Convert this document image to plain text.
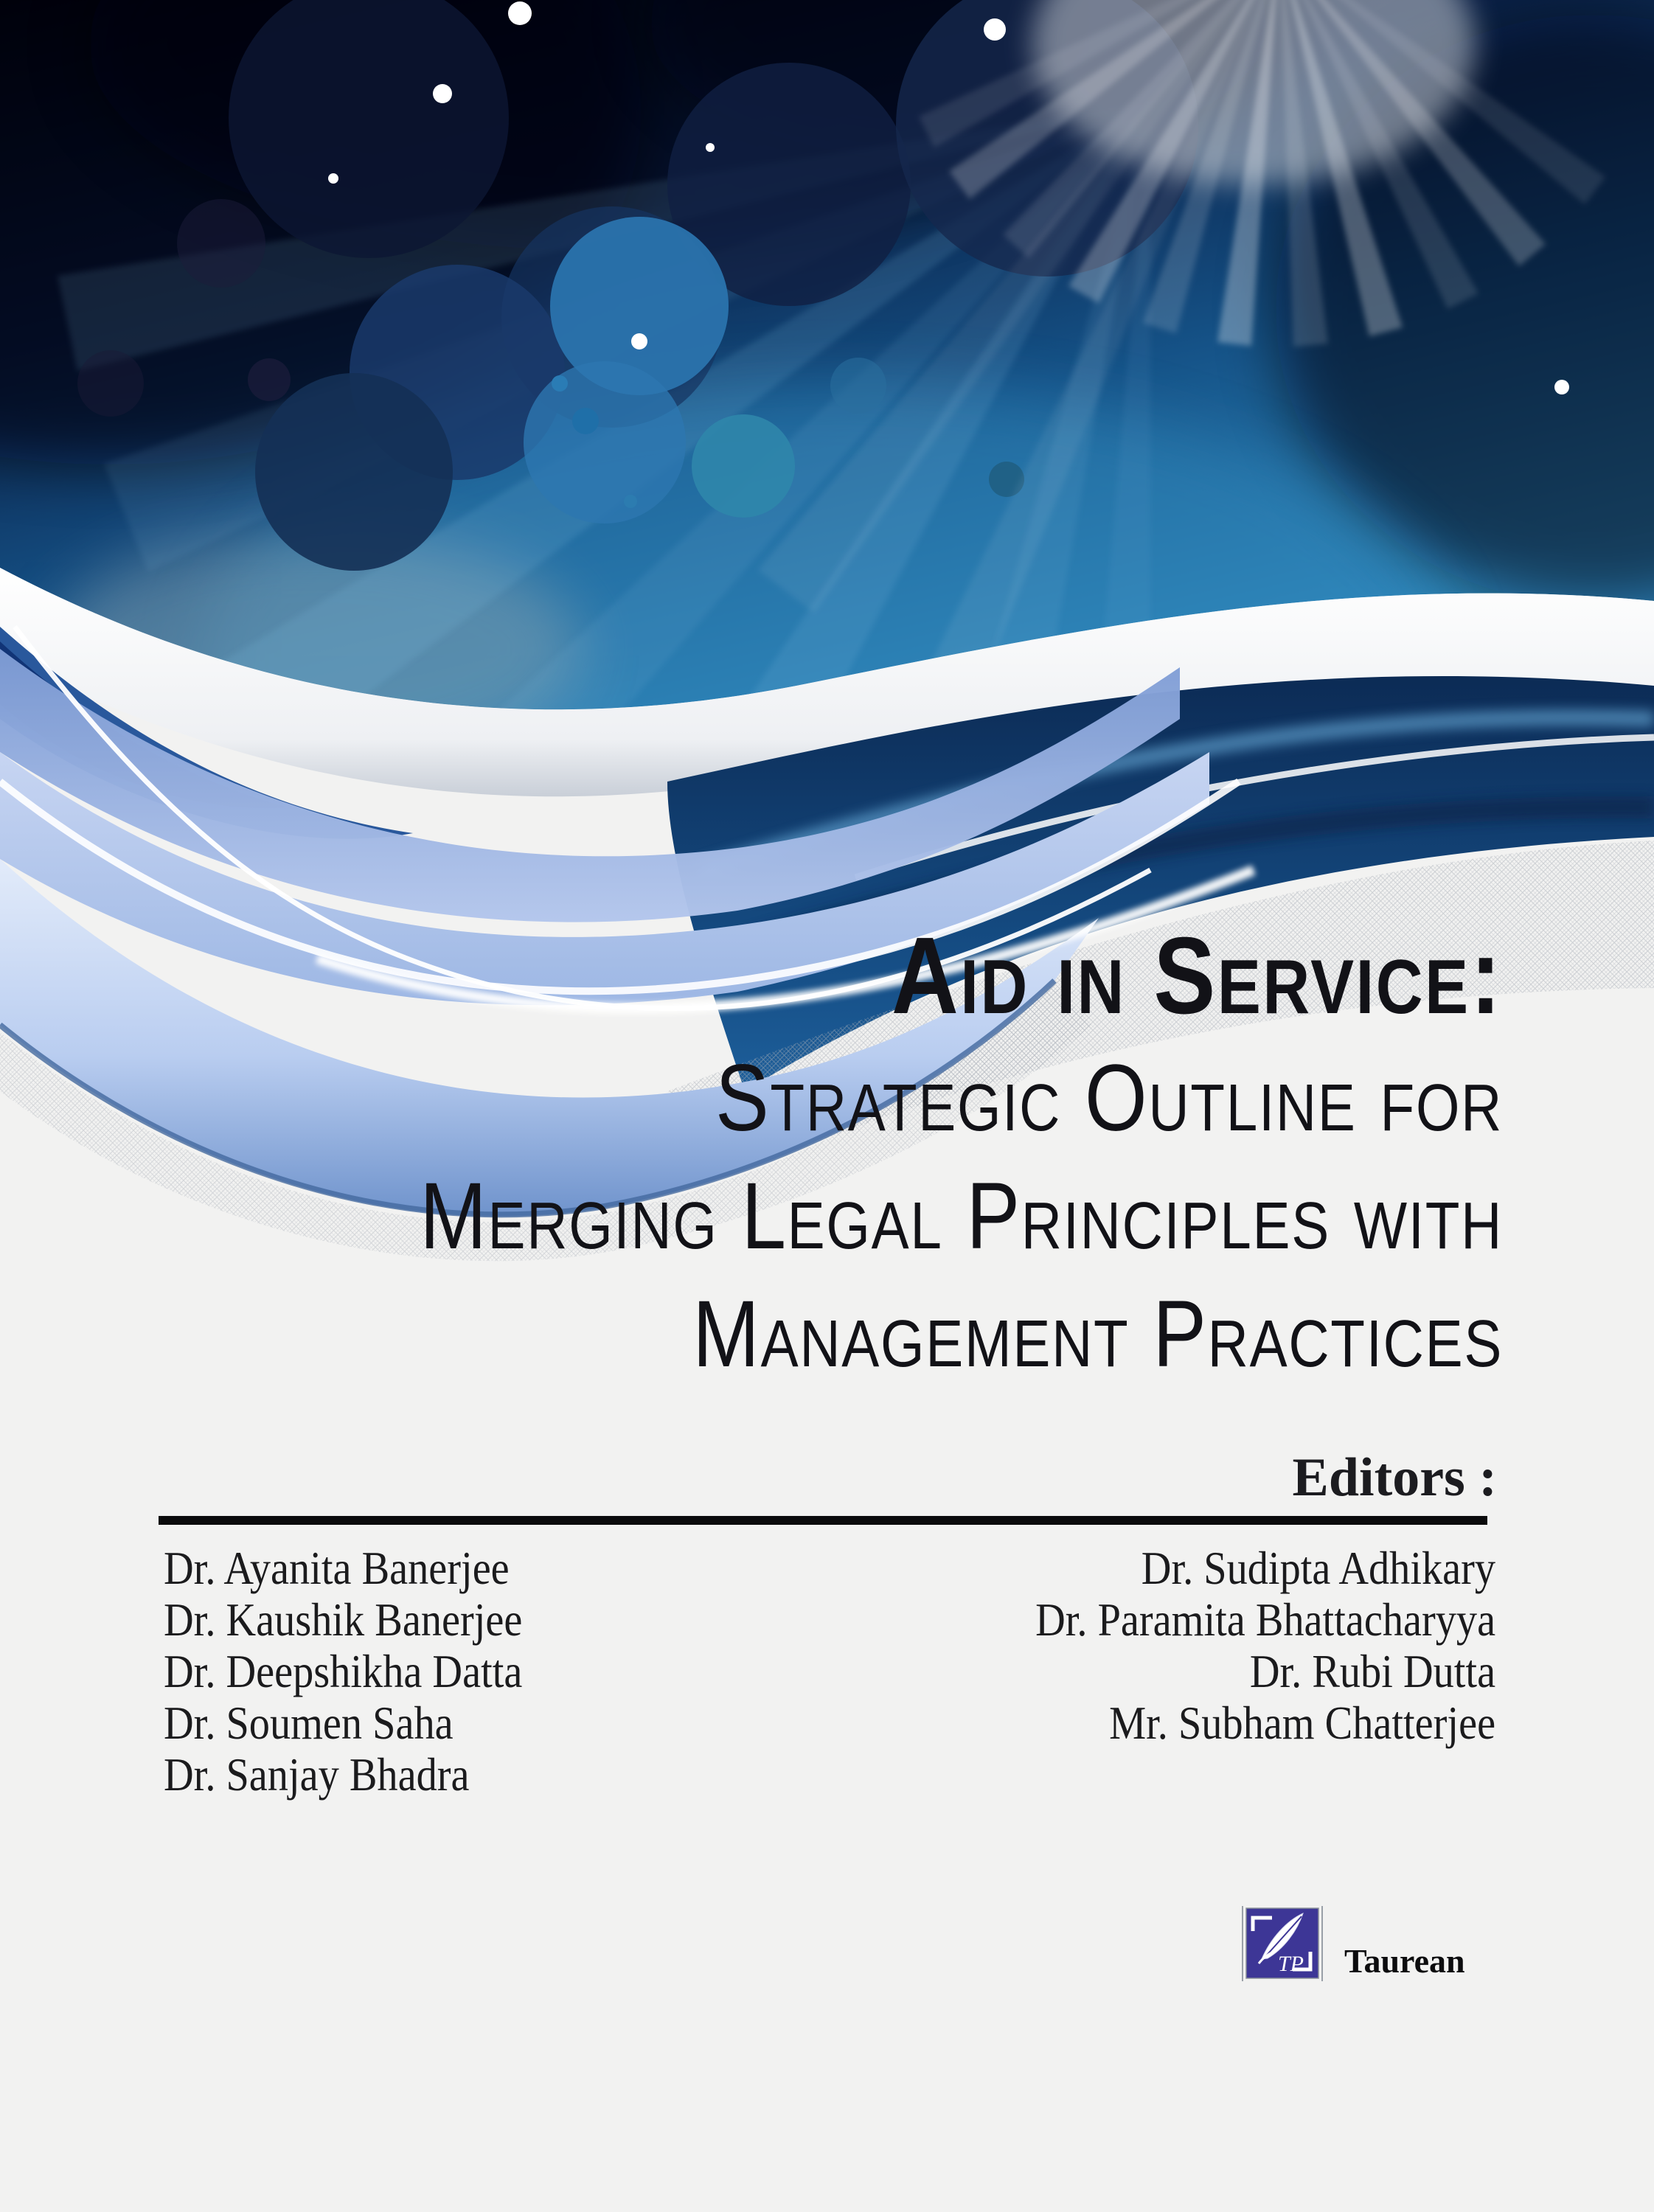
Aid in Service:
Strategic Outline for
Merging Legal Principles with
Management Practices
Editors :
Dr. Ayanita Banerjee
Dr. Kaushik Banerjee
Dr. Deepshikha Datta
Dr. Soumen Saha
Dr. Sanjay Bhadra
Dr. Sudipta Adhikary
Dr. Paramita Bhattacharyya
Dr. Rubi Dutta
Mr. Subham Chatterjee
TP Taurean
